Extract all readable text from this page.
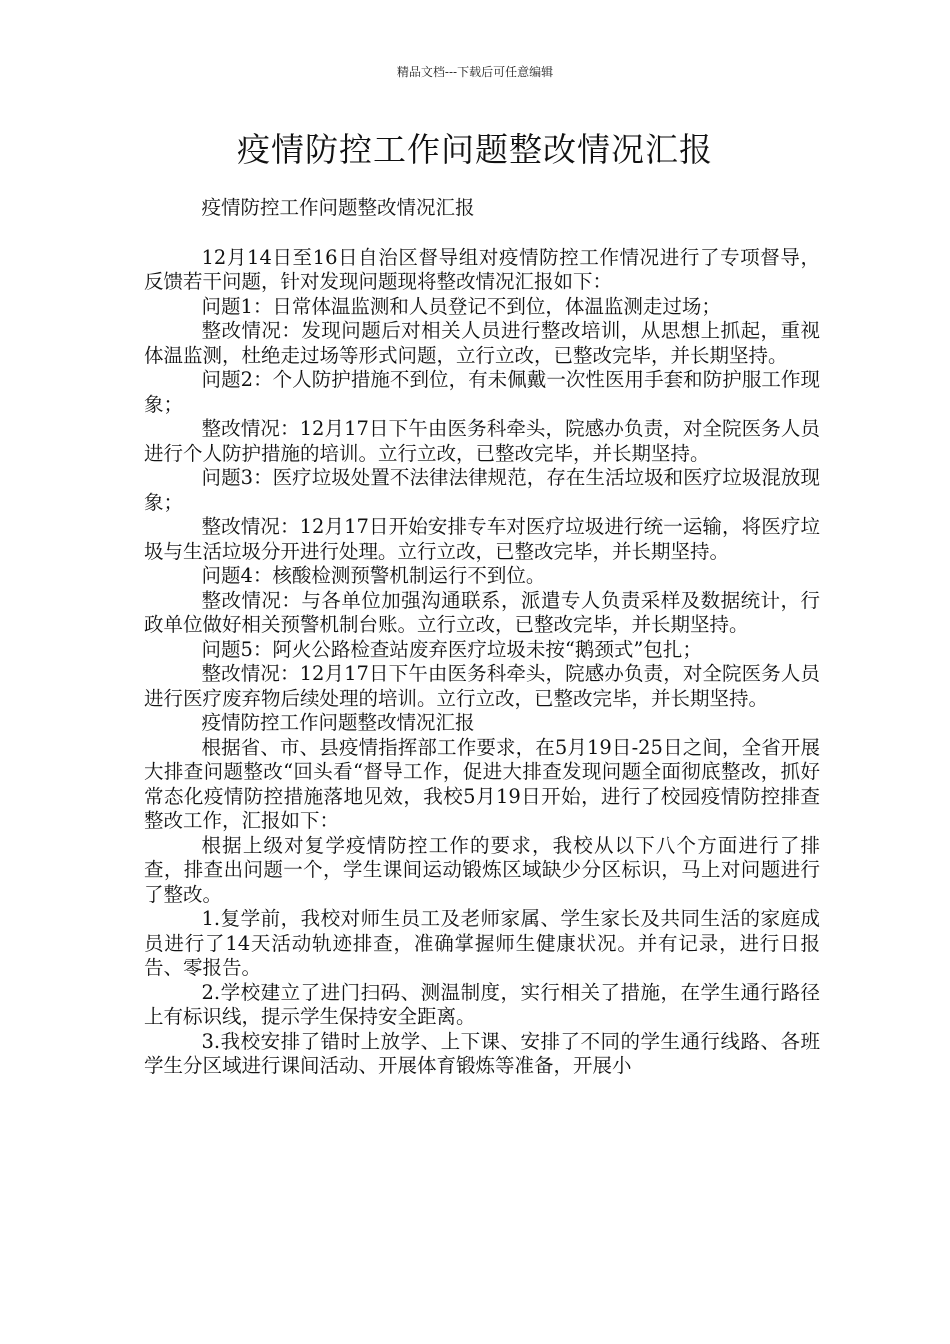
精品文档---下载后可任意编辑
疫情防控工作问题整改情况汇报

疫情防控工作问题整改情况汇报

12月14日至16日自治区督导组对疫情防控工作情况进行了专项督导，反馈若干问题，针对发现问题现将整改情况汇报如下：

问题1：日常体温监测和人员登记不到位，体温监测走过场；

整改情况：发现问题后对相关人员进行整改培训，从思想上抓起，重视体温监测，杜绝走过场等形式问题，立行立改，已整改完毕，并长期坚持。

问题2：个人防护措施不到位，有未佩戴一次性医用手套和防护服工作现象；

整改情况：12月17日下午由医务科牵头，院感办负责，对全院医务人员进行个人防护措施的培训。立行立改，已整改完毕，并长期坚持。

问题3：医疗垃圾处置不法律法律规范，存在生活垃圾和医疗垃圾混放现象；

整改情况：12月17日开始安排专车对医疗垃圾进行统一运输，将医疗垃圾与生活垃圾分开进行处理。立行立改，已整改完毕，并长期坚持。

问题4：核酸检测预警机制运行不到位。

整改情况：与各单位加强沟通联系，派遣专人负责采样及数据统计，行政单位做好相关预警机制台账。立行立改，已整改完毕，并长期坚持。

问题5：阿火公路检查站废弃医疗垃圾未按“鹅颈式”包扎；

整改情况：12月17日下午由医务科牵头，院感办负责，对全院医务人员进行医疗废弃物后续处理的培训。立行立改，已整改完毕，并长期坚持。

疫情防控工作问题整改情况汇报

根据省、市、县疫情指挥部工作要求，在5月19日-25日之间，全省开展大排查问题整改“回头看“督导工作，促进大排查发现问题全面彻底整改，抓好常态化疫情防控措施落地见效，我校5月19日开始，进行了校园疫情防控排查整改工作，汇报如下：

根据上级对复学疫情防控工作的要求，我校从以下八个方面进行了排查，排查出问题一个，学生课间运动锻炼区域缺少分区标识，马上对问题进行了整改。

1.复学前，我校对师生员工及老师家属、学生家长及共同生活的家庭成员进行了14天活动轨迹排查，准确掌握师生健康状况。并有记录，进行日报告、零报告。

2.学校建立了进门扫码、测温制度，实行相关了措施，在学生通行路径上有标识线，提示学生保持安全距离。

3.我校安排了错时上放学、上下课、安排了不同的学生通行线路、各班学生分区域进行课间活动、开展体育锻炼等准备，开展小
